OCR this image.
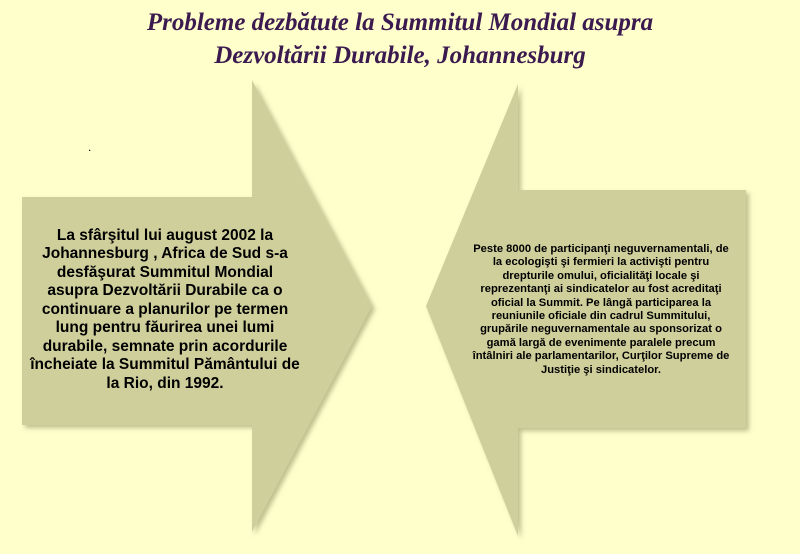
Probleme dezbătute la Summitul Mondial asupra
Dezvoltării Durabile, Johannesburg
.
La sfârşitul lui august 2002 la Johannesburg , Africa de Sud s-a desfăşurat Summitul Mondial asupra Dezvoltării Durabile ca o continuare a planurilor pe termen lung pentru făurirea unei lumi durabile, semnate prin acordurile încheiate la Summitul Pământului de la Rio, din 1992.
Peste 8000 de participanţi neguvernamentali, de la ecologişti şi fermieri la activişti pentru drepturile omului, oficialităţi locale şi reprezentanţi ai sindicatelor au fost acreditaţi oficial la Summit. Pe lângă participarea la reuniunile oficiale din cadrul Summitului, grupările neguvernamentale au sponsorizat o gamă largă de evenimente paralele precum întâlniri ale parlamentarilor, Curţilor Supreme de Justiţie şi sindicatelor.
